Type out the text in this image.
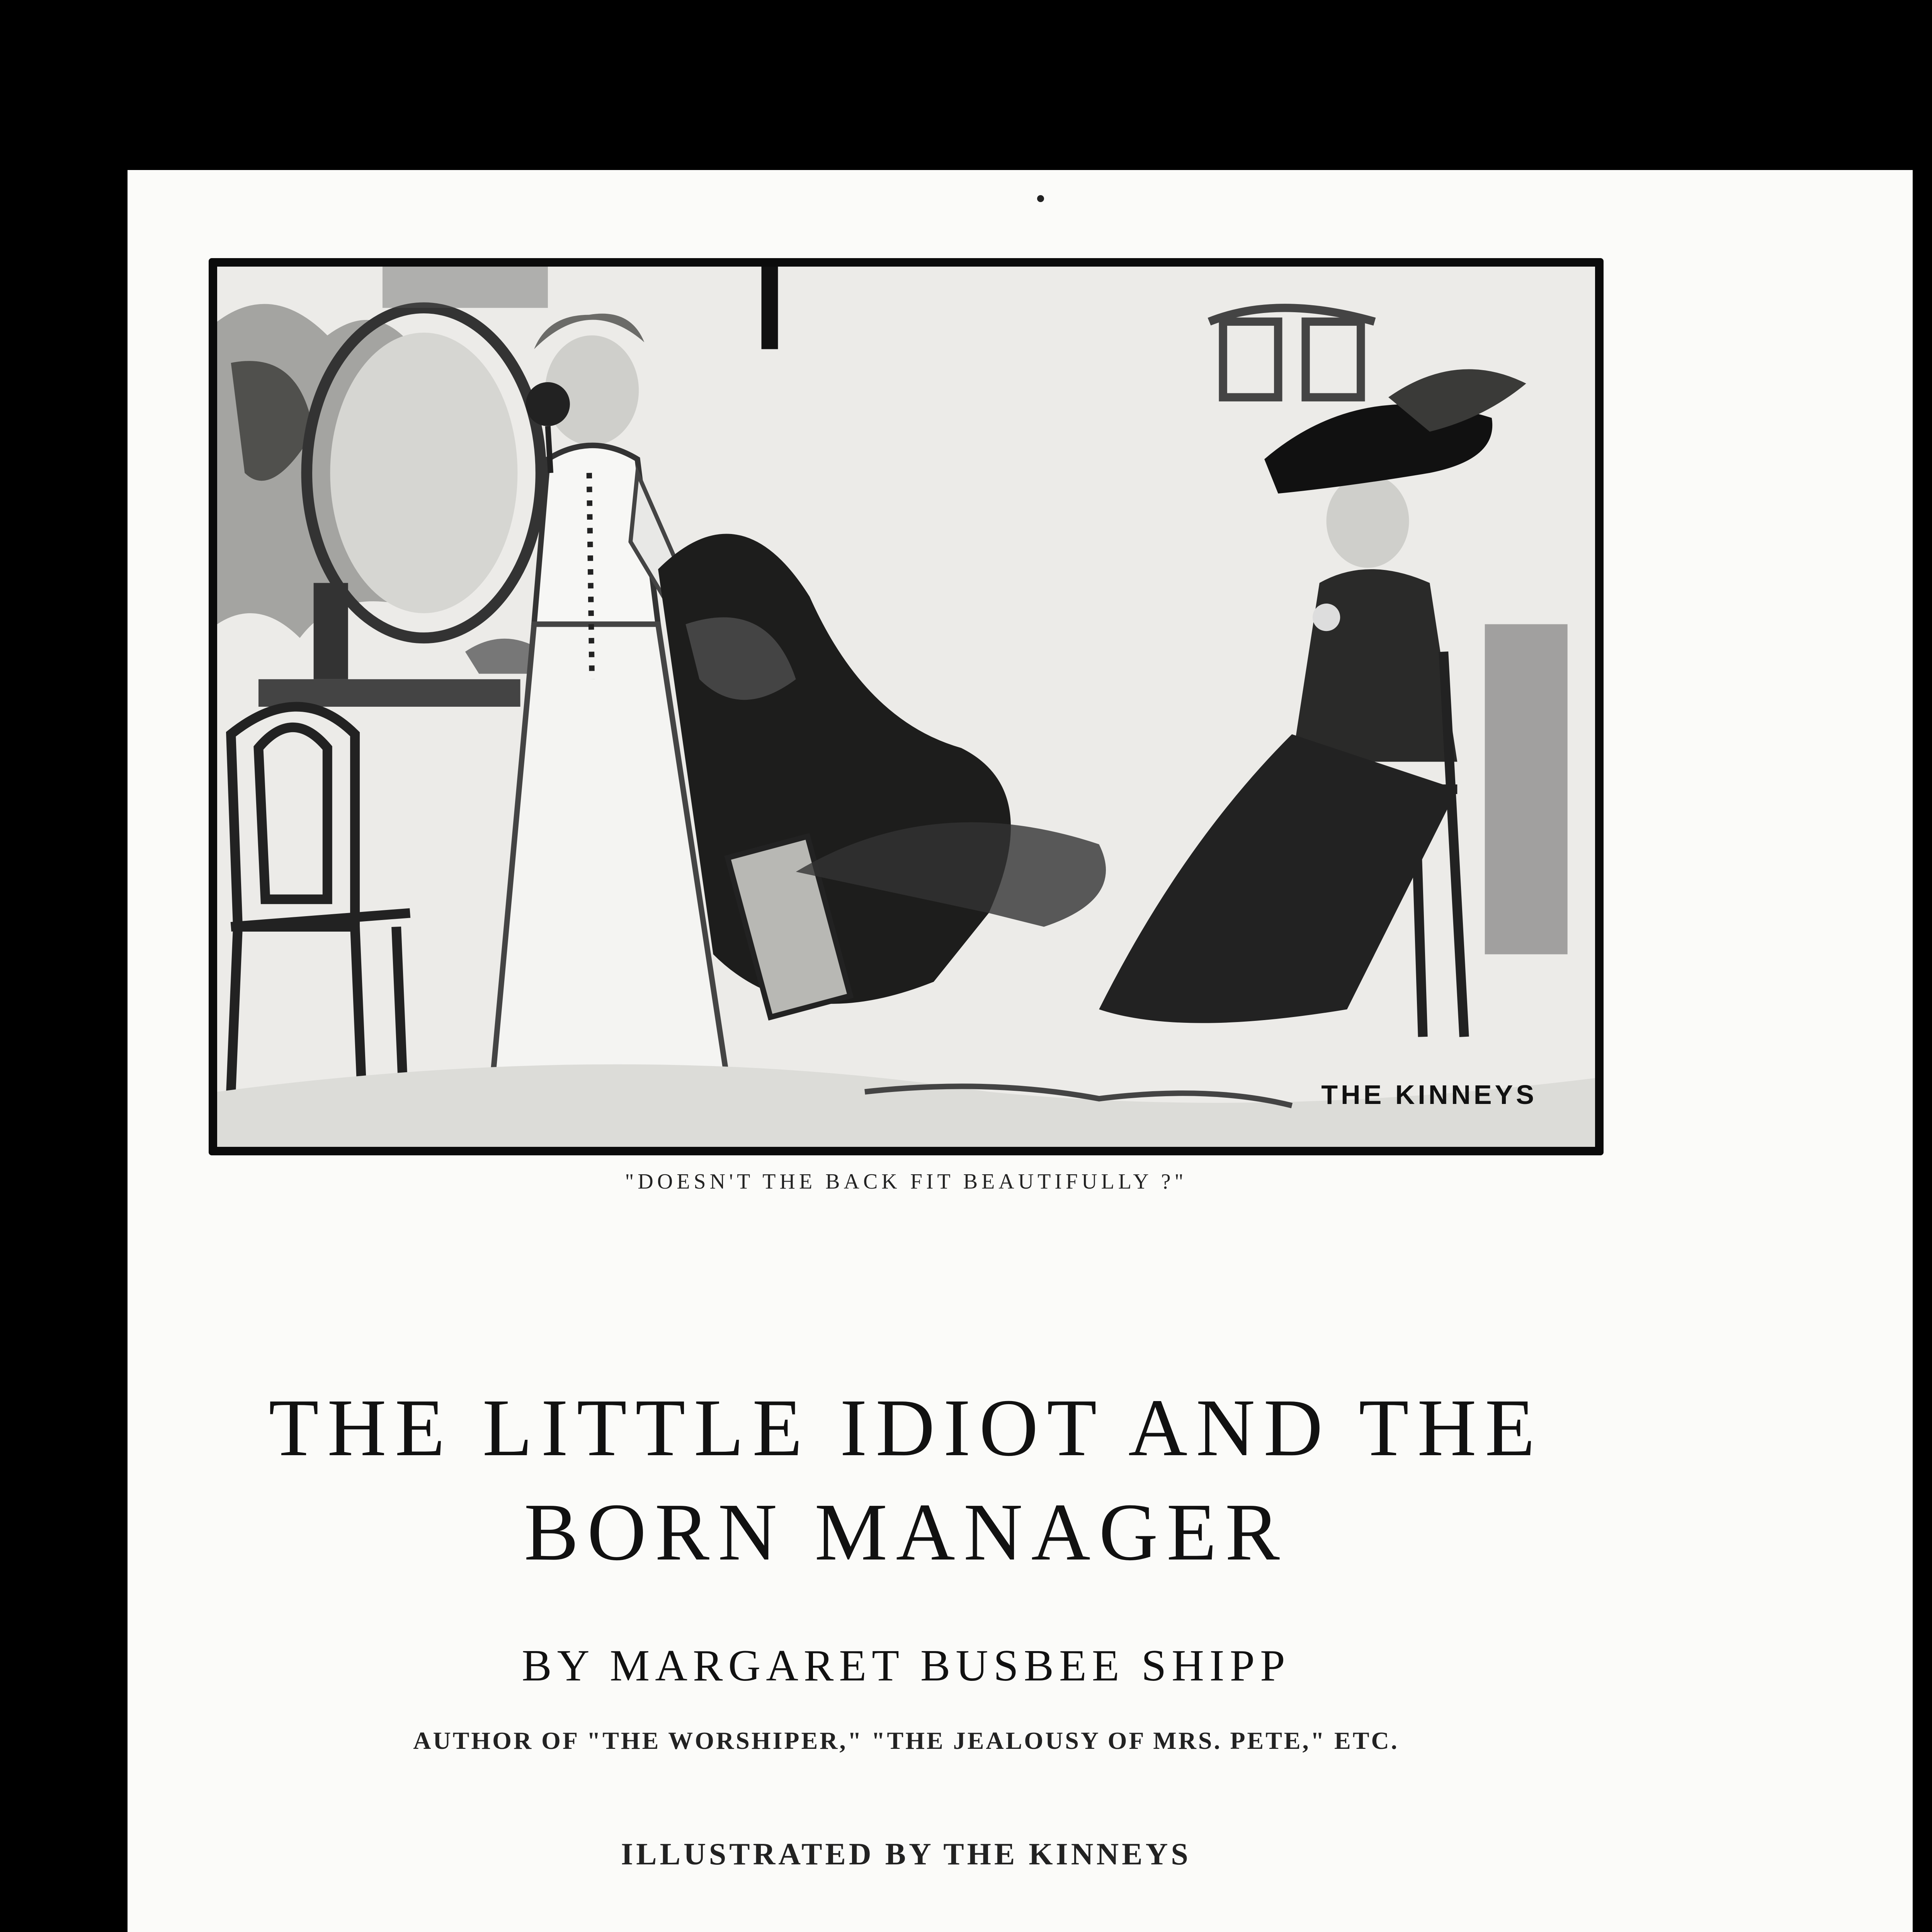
THE KINNEYS
"DOESN'T THE BACK FIT BEAUTIFULLY ?"
THE LITTLE IDIOT AND THE
BORN MANAGER
BY MARGARET BUSBEE SHIPP
AUTHOR OF "THE WORSHIPER," "THE JEALOUSY OF MRS. PETE," ETC.
ILLUSTRATED BY THE KINNEYS
